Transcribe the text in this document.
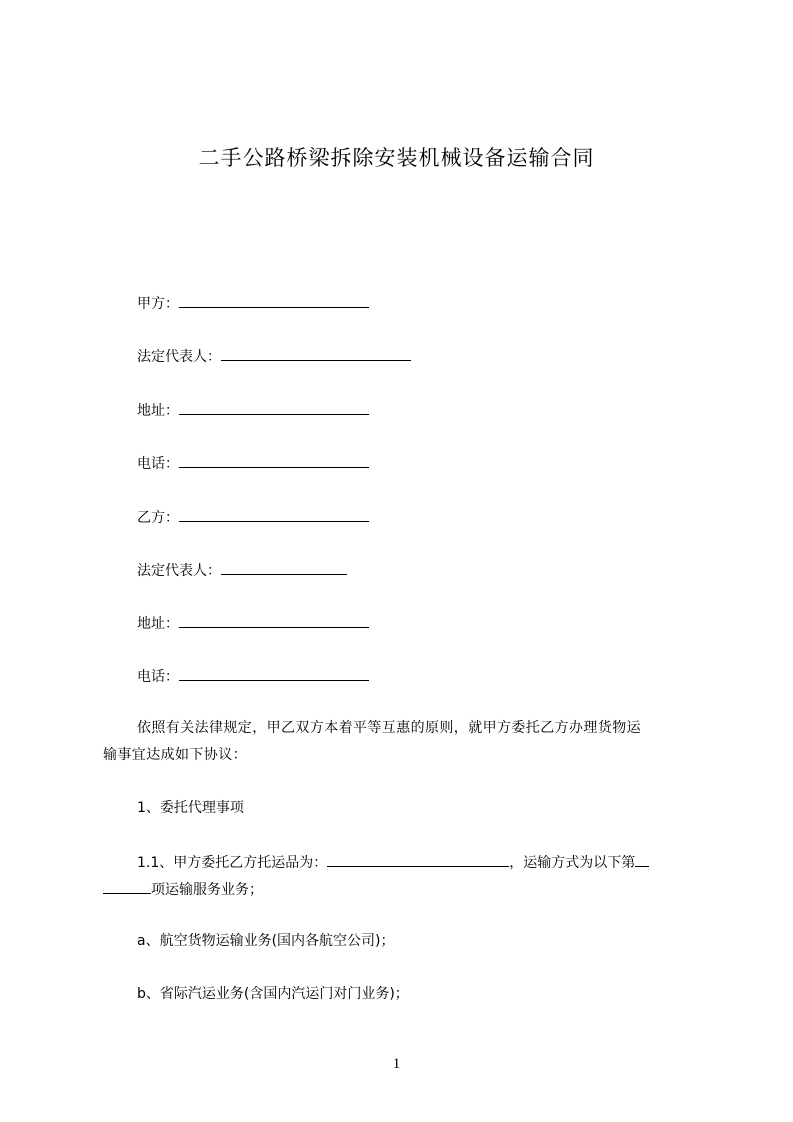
二手公路桥梁拆除安装机械设备运输合同
甲方：
法定代表人：
地址：
电话：
乙方：
法定代表人：
地址：
电话：
依照有关法律规定，甲乙双方本着平等互惠的原则，就甲方委托乙方办理货物运
输事宜达成如下协议：
1、委托代理事项
1.1、甲方委托乙方托运品为：	，运输方式为以下第
项运输服务业务；
a、航空货物运输业务(国内各航空公司)；
b、省际汽运业务(含国内汽运门对门业务)；
1
